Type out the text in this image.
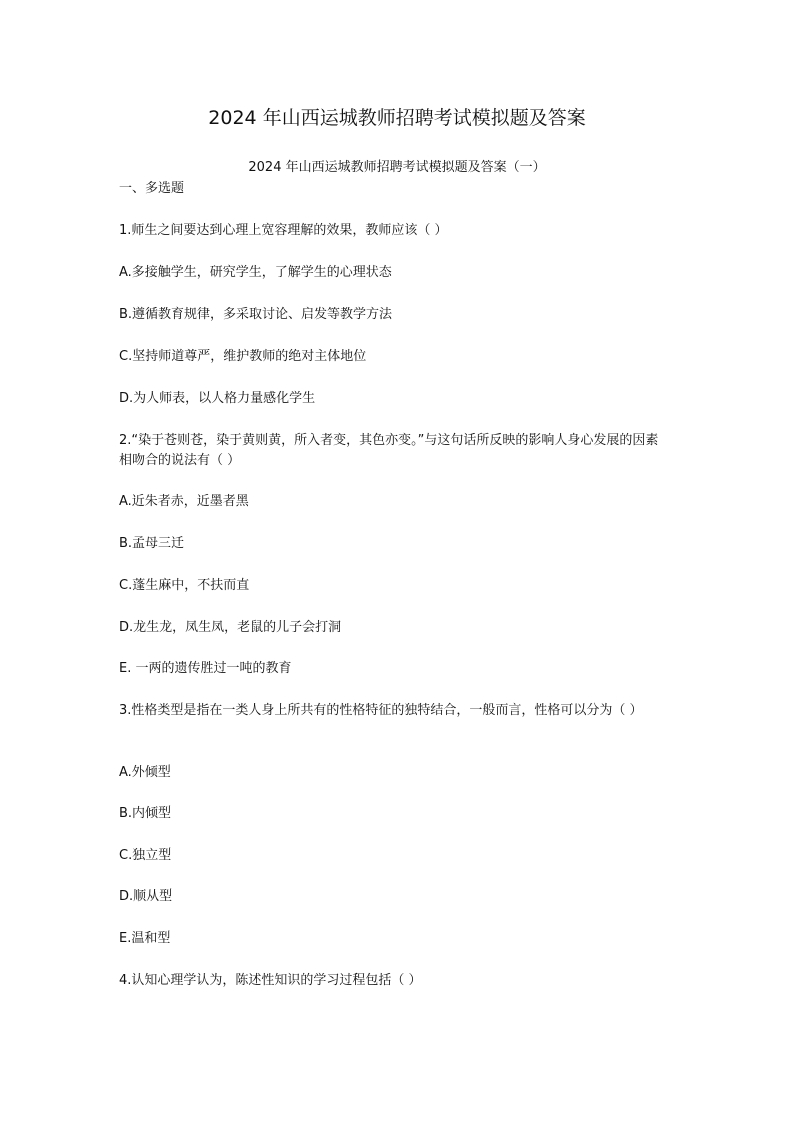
2024 年山西运城教师招聘考试模拟题及答案

2024 年山西运城教师招聘考试模拟题及答案（一）

一、多选题

1.师生之间要达到心理上宽容理解的效果，教师应该（ ）

A.多接触学生，研究学生，了解学生的心理状态

B.遵循教育规律，多采取讨论、启发等教学方法

C.坚持师道尊严，维护教师的绝对主体地位

D.为人师表，以人格力量感化学生

2.“染于苍则苍，染于黄则黄，所入者变，其色亦变。”与这句话所反映的影响人身心发展的因素相吻合的说法有（ ）

A.近朱者赤，近墨者黑

B.孟母三迁

C.蓬生麻中，不扶而直

D.龙生龙，凤生凤，老鼠的儿子会打洞

E. 一两的遗传胜过一吨的教育

3.性格类型是指在一类人身上所共有的性格特征的独特结合，一般而言，性格可以分为（ ）

A.外倾型

B.内倾型

C.独立型

D.顺从型

E.温和型

4.认知心理学认为，陈述性知识的学习过程包括（ ）
